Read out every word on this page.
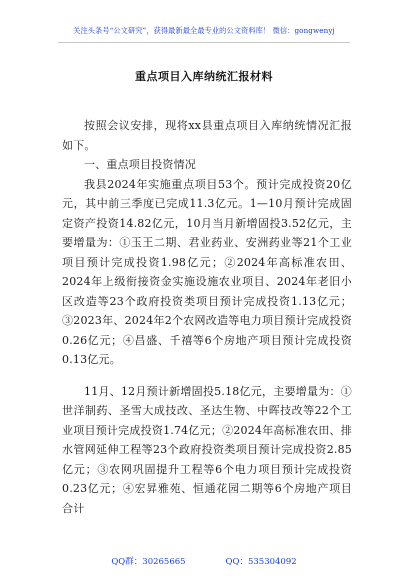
关注头条号“公文研究”，获得最新最全最专业的公文资料库！ 微信：gongwenyj
重点项目入库纳统汇报材料

按照会议安排，现将xx县重点项目入库纳统情况汇报如下。

一、重点项目投资情况

我县2024年实施重点项目53个。预计完成投资20亿元，其中前三季度已完成11.3亿元。1—10月预计完成固定资产投资14.82亿元，10月当月新增固投3.52亿元，主要增量为：①玉王二期、君业药业、安洲药业等21个工业项目预计完成投资1.98亿元；②2024年高标准农田、2024年上级衔接资金实施设施农业项目、2024年老旧小区改造等23个政府投资类项目预计完成投资1.13亿元；③2023年、2024年2个农网改造等电力项目预计完成投资0.26亿元；④昌盛、千禧等6个房地产项目预计完成投资0.13亿元。

11月、12月预计新增固投5.18亿元，主要增量为：①世洋制药、圣雪大成技改、圣达生物、中晖技改等22个工业项目预计完成投资1.74亿元；②2024年高标准农田、排水管网延伸工程等23个政府投资类项目预计完成投资2.85亿元；③农网巩固提升工程等6个电力项目预计完成投资0.23亿元；④宏昇雅苑、恒通花园二期等6个房地产项目合计

QQ群：30265665	QQ：535304092
